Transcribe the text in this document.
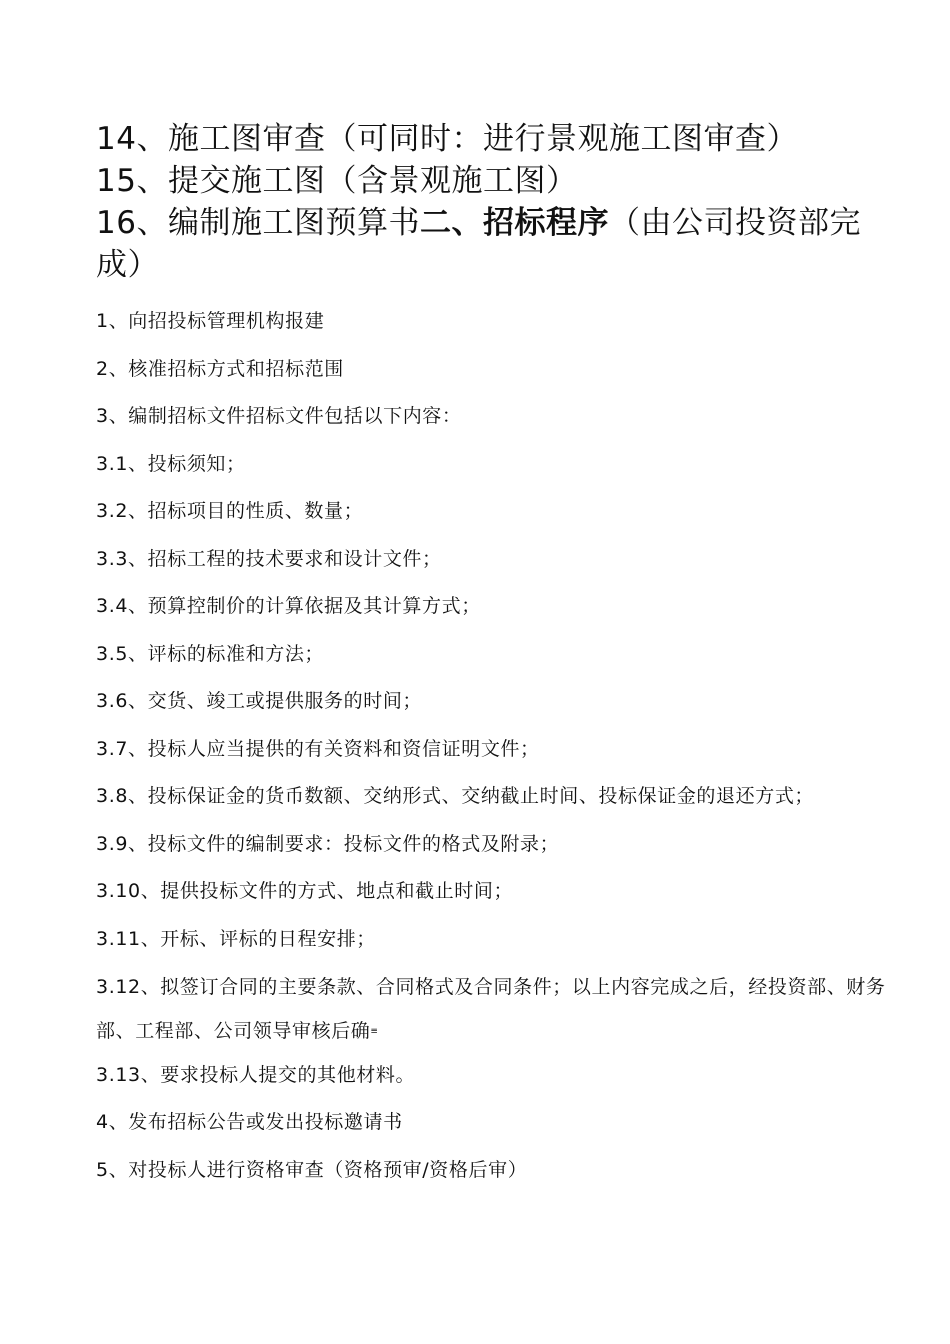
14、施工图审查（可同时：进行景观施工图审查）

15、提交施工图（含景观施工图）

16、编制施工图预算书二、招标程序（由公司投资部完成）

1、向招投标管理机构报建

2、核准招标方式和招标范围

3、编制招标文件招标文件包括以下内容：

3.1、投标须知；

3.2、招标项目的性质、数量；

3.3、招标工程的技术要求和设计文件；

3.4、预算控制价的计算依据及其计算方式；

3.5、评标的标准和方法；

3.6、交货、竣工或提供服务的时间；

3.7、投标人应当提供的有关资料和资信证明文件；

3.8、投标保证金的货币数额、交纳形式、交纳截止时间、投标保证金的退还方式；

3.9、投标文件的编制要求：投标文件的格式及附录；

3.10、提供投标文件的方式、地点和截止时间；

3.11、开标、评标的日程安排；

3.12、拟签订合同的主要条款、合同格式及合同条件；以上内容完成之后，经投资部、财务部、工程部、公司领导审核后确≡

3.13、要求投标人提交的其他材料。

4、发布招标公告或发出投标邀请书

5、对投标人进行资格审查（资格预审/资格后审）
